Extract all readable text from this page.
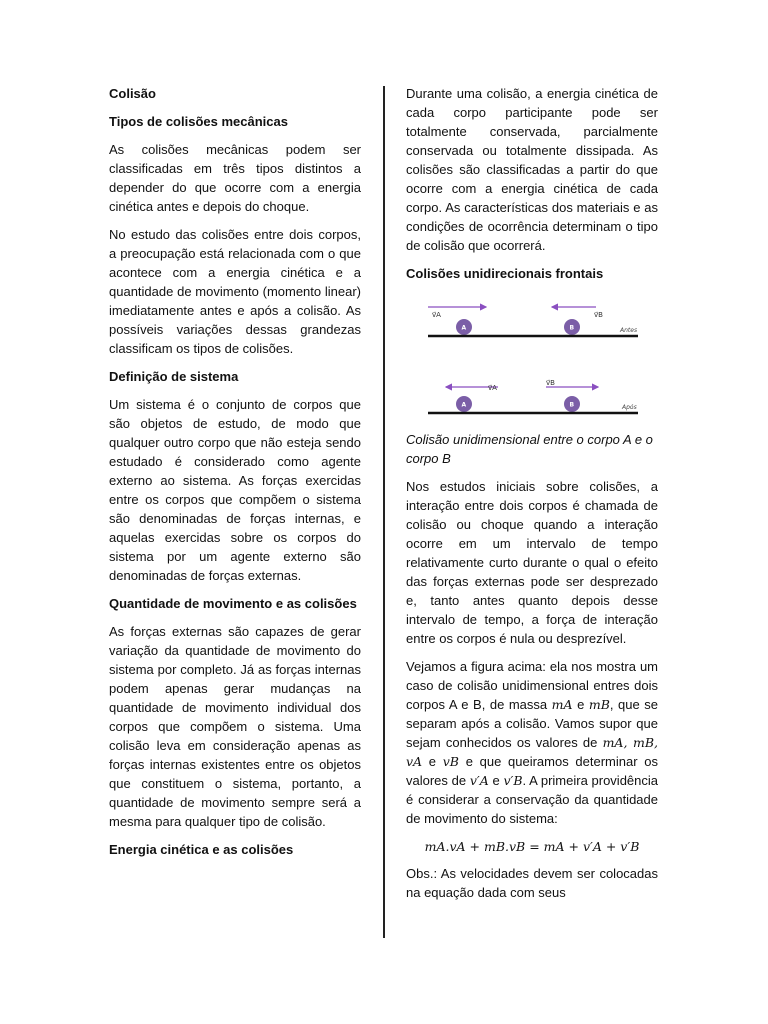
Colisão
Tipos de colisões mecânicas

As colisões mecânicas podem ser classificadas em três tipos distintos a depender do que ocorre com a energia cinética antes e depois do choque.

No estudo das colisões entre dois corpos, a preocupação está relacionada com o que acontece com a energia cinética e a quantidade de movimento (momento linear) imediatamente antes e após a colisão. As possíveis variações dessas grandezas classificam os tipos de colisões.

Definição de sistema

Um sistema é o conjunto de corpos que são objetos de estudo, de modo que qualquer outro corpo que não esteja sendo estudado é considerado como agente externo ao sistema. As forças exercidas entre os corpos que compõem o sistema são denominadas de forças internas, e aquelas exercidas sobre os corpos do sistema por um agente externo são denominadas de forças externas.

Quantidade de movimento e as colisões

As forças externas são capazes de gerar variação da quantidade de movimento do sistema por completo. Já as forças internas podem apenas gerar mudanças na quantidade de movimento individual dos corpos que compõem o sistema. Uma colisão leva em consideração apenas as forças internas existentes entre os objetos que constituem o sistema, portanto, a quantidade de movimento sempre será a mesma para qualquer tipo de colisão.

Energia cinética e as colisões

Durante uma colisão, a energia cinética de cada corpo participante pode ser totalmente conservada, parcialmente conservada ou totalmente dissipada. As colisões são classificadas a partir do que ocorre com a energia cinética de cada corpo. As características dos materiais e as condições de ocorrência determinam o tipo de colisão que ocorrerá.

Colisões unidirecionais frontais
v⃗A	v⃗B
A	B	Antes
v⃗A
v⃗B
A	B	Após

Colisão unidimensional entre o corpo A e o corpo B

Nos estudos iniciais sobre colisões, a interação entre dois corpos é chamada de colisão ou choque quando a interação ocorre em um intervalo de tempo relativamente curto durante o qual o efeito das forças externas pode ser desprezado e, tanto antes quanto depois desse intervalo de tempo, a força de interação entre os corpos é nula ou desprezível.

Vejamos a figura acima: ela nos mostra um caso de colisão unidimensional entres dois corpos A e B, de massa mA e mB, que se separam após a colisão. Vamos supor que sejam conhecidos os valores de mA, mB, vA e vB e que queiramos determinar os valores de v′A e v′B. A primeira providência é considerar a conservação da quantidade de movimento do sistema:

mA.vA + mB.vB = mA + v′A + v′B

Obs.: As velocidades devem ser colocadas na equação dada com seus
